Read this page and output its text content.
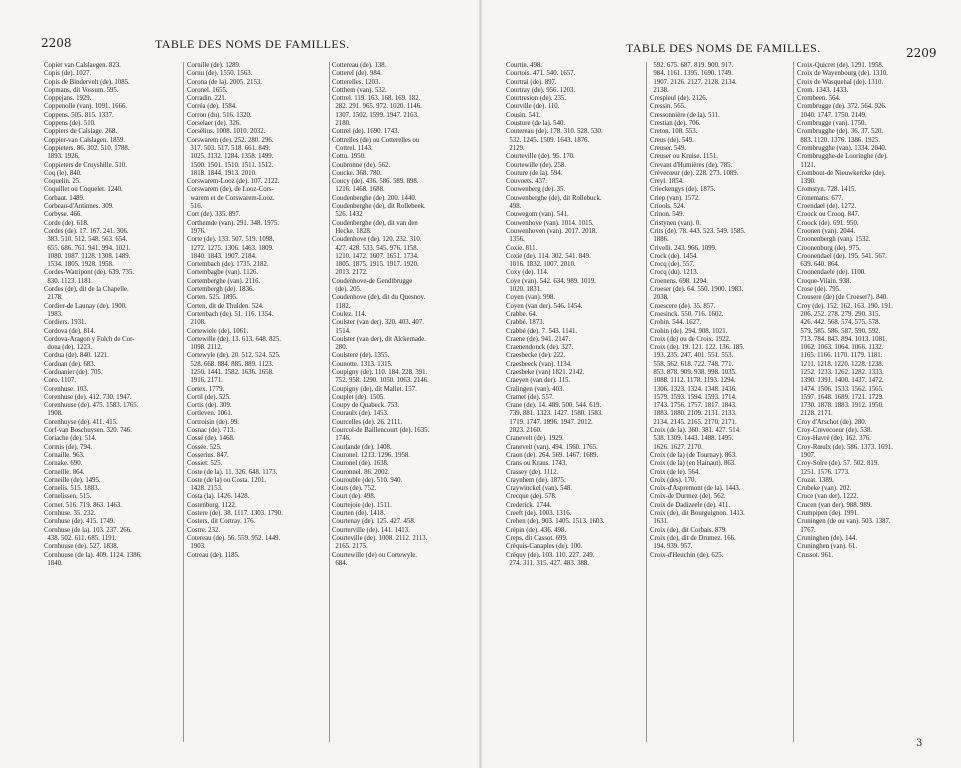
2208	TABLE DES NOMS DE FAMILLES.
Copier van Calslaegen. 823.
Copis (de). 1027.
Copis de Bindervelt (de). 1085.
Copmans, dit Vossum. 595.
Coppejans. 1929.
Coppenolle (van). 1091. 1666.
Coppens. 505. 815. 1337.
Coppens (de). 510.
Coppiers de Calslage. 268.
Coppier-van Calslagen. 1859.
Coppieters. 86. 302. 510. 1788.
1893. 1926.
Coppieters de Cruyshille. 510.
Coq (le). 840.
Coquelin. 25.
Coquillet ou Coquelet. 1240.
Corbaut. 1489.
Corbeau-d'Antinnes. 309.
Corbyse. 466.
Corde (de). 618.
Cordes (de). 17. 167. 241. 306.
383. 510. 512. 548. 563. 654.
655. 686. 761. 941. 994. 1021.
1080. 1087. 1128. 1308. 1489.
1534. 1805. 1928. 1958.
Cordes-Watripont (de). 639. 735.
830. 1123. 1181.
Cordes (de), dit de la Chapelle.
2178.
Cordier-de Launay (de). 1900.
1983.
Cordiers. 1931.
Cordova (de). 814.
Cordova-Aragon y Folch de Cor-
dona (de). 1223.
Cordua (de). 840. 1221.
Corduan (de). 683.
Corduanier (de). 705.
Coro. 1107.
Corenhuse. 103.
Corenhuse (de). 412. 730. 1947.
Corenhuuse (de). 475. 1583. 1765.
1908.
Corenhuyse (de). 411. 415.
Corf-van Boschuysen. 320. 746.
Coriache (de). 514.
Cormis (de). 794.
Cornaille. 963.
Cornake. 690.
Corneille. 864.
Corneille (de). 1495.
Cornelis. 515. 1883.
Cornelissen. 515.
Cornet. 516. 719. 863. 1463.
Cornhuse. 35. 232.
Cornhuse (de). 415. 1749.
Cornhuse (de la). 103. 237. 266.
438. 502. 611. 685. 1191.
Cornhuuse (de). 527. 1838.
Cornhuuse (de la). 409. 1124. 1386.
1840.
Cornille (de). 1289.
Cornu (de). 1550. 1563.
Corona (de la). 2005. 2153.
Coronel. 1655.
Corradin. 221.
Corréa (de). 1584.
Corron (du). 516. 1320.
Corselaer (de). 326.
Corsélius. 1008. 1010. 2032.
Corswarem (de). 252. 280. 296.
317. 503. 517. 518. 661. 849.
1025. 1132. 1284. 1358. 1499.
1500. 1501. 1510. 1511. 1512.
1818. 1844. 1913. 2010.
Corswarem-Looz (de). 107. 2122.
Corswarem (de), de Looz-Cors-
warem et de Corswarem-Looz.
516.
Cort (de). 335. 897.
Corthemde (van). 291. 348. 1975.
1976.
Corte (de). 133. 507. 519. 1098.
1272. 1275. 1306. 1463. 1809.
1840. 1843. 1907. 2184.
Cortembach (de). 1735. 2182.
Cortembagbe (van). 1126.
Cortemberghe (van). 2116.
Cortembergh (de). 1836.
Corten. 525. 1895.
Corten, dit de Thulden. 524.
Cortenbach (de). 51. 116. 1354.
2108.
Cortewiele (de). 1061.
Cortewille (de). 13. 613. 648. 825.
1098. 2112.
Cortewyle (de). 20. 512. 524. 525.
528. 668. 884. 885. 889. 1123.
1250. 1441. 1582. 1636. 1658.
1916. 2171.
Cortex. 1779.
Cortil (de). 525.
Cortis (de). 309.
Cortleven. 1061.
Cortroisin (de). 99.
Cosnac (de). 713.
Cossé (de). 1468.
Cossée. 525.
Cosserius. 847.
Cossier. 525.
Coste (de la). 11. 326. 648. 1173.
Coste (de la) ou Costa. 1201.
1428. 2153.
Costa (la). 1426. 1428.
Costenburg. 1122.
Costere (de). 38. 1117. 1303. 1790.
Costers, dit Cortray. 176.
Costre. 232.
Cotereau (de). 56. 559. 952. 1449.
1903.
Cotreau (de). 1185.
Cottereau (de). 138.
Cotterel (de). 984.
Cotterelles. 1203.
Cotthem (van). 532.
Cottrel. 119. 163. 168. 169. 182.
282. 291. 965. 972. 1020. 1146.
1307. 1502. 1599. 1947. 2163.
2180.
Cottrel (de). 1690. 1743.
Cottrelles (de) ou Cotterelles ou
Cottrel. 1143.
Cottu. 1950.
Coubronne (de). 562.
Coucke. 368. 780.
Coucy (de). 436. 586. 589. 898.
1216. 1468. 1688.
Coudenberghe (de). 200. 1440.
Coudenberghe (de), dit Rollebeek.
526. 1432
Coudenberghe (de), dit van den
Hecke. 1828.
Coudenhove (de). 120. 232. 310.
427. 428. 533. 545. 976. 1158.
1210. 1472. 1607. 1651. 1734.
1805. 1875. 1915. 1917. 1920.
2013. 2172.
Coudenhove-de Gendtbrugge
(de). 205.
Coudenhove (de), dit du Quesnoy.
1182.
Coulez. 114.
Coulster (van der). 320. 403. 407.
1514.
Coulster (van der), dit Alckemade.
280.
Coulstere (de). 1355.
Counotte. 1313. 1315.
Coupigny (de). 110. 184. 228. 391.
752. 958. 1290. 1050. 1063. 2146.
Coupigny (de), dit Mallet. 157.
Couplet (de). 1505.
Coupy de Quabeck. 753.
Couraulx (de). 1453.
Courcelles (de). 26. 2111.
Courcol-de Baillencourt (de). 1635.
1746.
Courlande (de). 1408.
Couronel. 1213. 1296. 1958.
Couronel (de). 1638.
Couronnel. 86. 2002.
Courouble (de). 510. 940.
Cours (de). 752.
Court (de). 498.
Courtejoie (de). 1511.
Courten (de). 1418.
Courtenay (de). 125. 427. 458.
Courterville (de). 141. 1413.
Courteville (de). 1008. 2112. 2113.
2165. 2175.
Courtewille (de) ou Cortewyle.
684.
TABLE DES NOMS DE FAMILLES.	2209
Courtin. 498.
Courtois. 471. 540. 1657.
Courtrai (de). 897.
Courtray (de). 956. 1203.
Courtresion (de). 235.
Courville (de). 110.
Cousin. 541.
Cousture (de la). 540.
Coutereau (de). 178. 310. 528. 530.
532. 1245. 1509. 1643. 1876.
2129.
Courteville (de). 95. 170.
Courtewille (de). 258.
Couture (de la). 594.
Couvoets. 437.
Couwenberg (de). 35.
Couwenberghe (de), dit Rollebuck.
498.
Couwegom (van). 541.
Couwenhove (van). 1014. 1015.
Couwenhoven (van). 2017. 2018.
1356.
Coxie. 811.
Coxie (de). 114. 302. 541. 849.
1016. 1832. 1007. 2010.
Coxy (de). 114.
Coye (van). 542. 634. 989. 1019.
1020. 1831.
Coyen (van). 998.
Coyen (van der). 546. 1454.
Crabbe. 64.
Crabbé. 1873.
Crabbé (de). 7. 543. 1141.
Craene (de). 941. 2147.
Craenendonck (de). 327.
Craesbecke (de). 222.
Craesbeeck (van). 1134.
Craesbeke (van) 1821. 2142.
Craeyen (van der). 115.
Cralingen (van). 403.
Cramet (de). 557.
Crane (de). 14. 489. 500. 544. 619.
739. 881. 1323. 1427. 1580. 1583.
1719. 1747. 1896. 1947. 2012.
2023. 2160.
Cranevelt (de). 1929.
Cranevelt (van). 494. 1560. 1765.
Craon (de). 264. 569. 1467. 1689.
Crans ou Kraus. 1743.
Crassey (de). 1112.
Craynhem (de). 1875.
Craywinckel (van). 548.
Crecque (de). 578.
Crederick. 1744.
Creeft (de). 1003. 1316.
Crehen (de). 903. 1405. 1513. 1603.
Crépin (de). 436. 498.
Creps, dit Cassot. 699.
Créquis-Canaples (de). 100.
Créquy (de). 103. 110. 227. 249.
274. 311. 315. 427. 483. 388.
592. 675. 687. 819. 900. 917.
984. 1161. 1395. 1690. 1749.
1907. 2126. 2127. 2128. 2134.
2138.
Crespieul (de). 2126.
Cressin. 565.
Cressonnière (de la). 511.
Crestian (de). 706.
Creton. 108. 553.
Creus (de). 549.
Creuser. 549.
Creuser ou Kruise. 1151.
Crevant d'Humières (de). 785.
Crèvecœur (de). 228. 273. 1089.
Creyl. 1854.
Crieckengys (de). 1875.
Criep (van). 1572.
Criools. 524.
Crinon. 549.
Cristynen (van). 0.
Crits (de). 78. 443. 523. 549. 1585.
1886.
Crivelli. 243. 966. 1099.
Crock (de). 1454.
Crocq (de). 557.
Crocq (du). 1213.
Croenens. 698. 1294.
Croeser (de). 64. 550. 1900. 1983.
2038.
Croescere (de). 35. 857.
Croesinck. 550. 716. 1602.
Crohin. 544. 1627.
Crohin (de). 294. 908. 1021.
Croix (de) ou de Croix. 1922.
Croix (de). 19. 121. 122. 136. 185.
193. 235. 247. 401. 551. 553.
558. 562. 618. 722. 748. 771.
853. 878. 909. 938. 998. 1035.
1088. 1112. 1178. 1193. 1294.
1306. 1323. 1324. 1348. 1436.
1579. 1593. 1594. 1593. 1714.
1743. 1756. 1757. 1817. 1843.
1883. 1880. 2109. 2131. 2133.
2134. 2145. 2165. 2170. 2171.
Croix (de la). 360. 381. 427. 514.
538. 1309. 1443. 1488. 1495.
1626. 1627. 2170.
Croix (de la) (de Tournay). 863.
Croix (de la) (en Hainaut). 863.
Croix (de le). 564.
Croix (des). 170.
Croix-d'Aspremont (de la). 1443.
Croix-de Durmez (de). 562.
Croix de Dadizeele (de). 411.
Croix (de), dit Bourguignon. 1413.
1631.
Croix (de), dit Corbais. 879.
Croix (de), dit de Drumez. 166.
194. 939. 957.
Croix-d'Heuchin (de). 625.
Croix-Quicret (de). 1291. 1958.
Croix de Wayenbourg (de). 1310.
Croix de Wasquehal (de). 1310.
Crom. 1343. 1433.
Crombeen. 564.
Crombrugge (de). 372. 564. 926.
1040. 1747. 1750. 2149.
Crombrugge (van). 1750.
Crombrugghe (de). 36. 37. 520.
883. 1120. 1376. 1386. 1925.
Crombrugghe (van). 1334. 2040.
Crombrugghe-de Looringhe (de).
1121.
Crombout-de Nieuwkercke (de).
1390.
Cromstyn. 728. 1415.
Cronemans. 677.
Croendael (de). 1272.
Croock ou Crooq. 847.
Croock (de). 691. 950.
Croonen (van). 2044.
Croonenbergh (van). 1532.
Croonenburg (de). 975.
Croonendael (de). 195. 541. 567.
639. 640. 864.
Croonendaele (de). 1100.
Croque-Vilain. 938.
Crose (de). 795.
Crousere (de) (de Croeser?). 840.
Croy (de). 152. 162. 163. 190. 191.
206. 252. 278. 279. 290. 315.
426. 442. 568. 574. 575. 578.
579. 585. 586. 587. 590. 592.
713. 784. 843. 894. 1013. 1081.
1062. 1063. 1064. 1066. 1132.
1165. 1166. 1170. 1179. 1181.
1211. 1218. 1220. 1228. 1238.
1252. 1233. 1262. 1282. 1333.
1390. 1391. 1400. 1437. 1472.
1474. 1506. 1533. 1562. 1565.
1597. 1648. 1689. 1721. 1729.
1730. 1878. 1883. 1912. 1950.
2128. 2171.
Croy d'Arschot (de). 280.
Croy-Crevecoeur (de). 538.
Croy-Havré (de). 162. 376.
Croy-Rœulx (de). 586. 1373. 1691.
1907.
Croy-Solre (de). 57. 502. 819.
1251. 1576. 1773.
Crozat. 1389.
Crubeke (van). 202.
Cruce (van der). 1222.
Crucen (van der). 988. 989.
Crumpipen (de). 1991.
Cruningen (de ou van). 503. 1387.
1767.
Cruninghen (de). 144.
Cruninghen (van). 61.
Crussot. 961.
3
